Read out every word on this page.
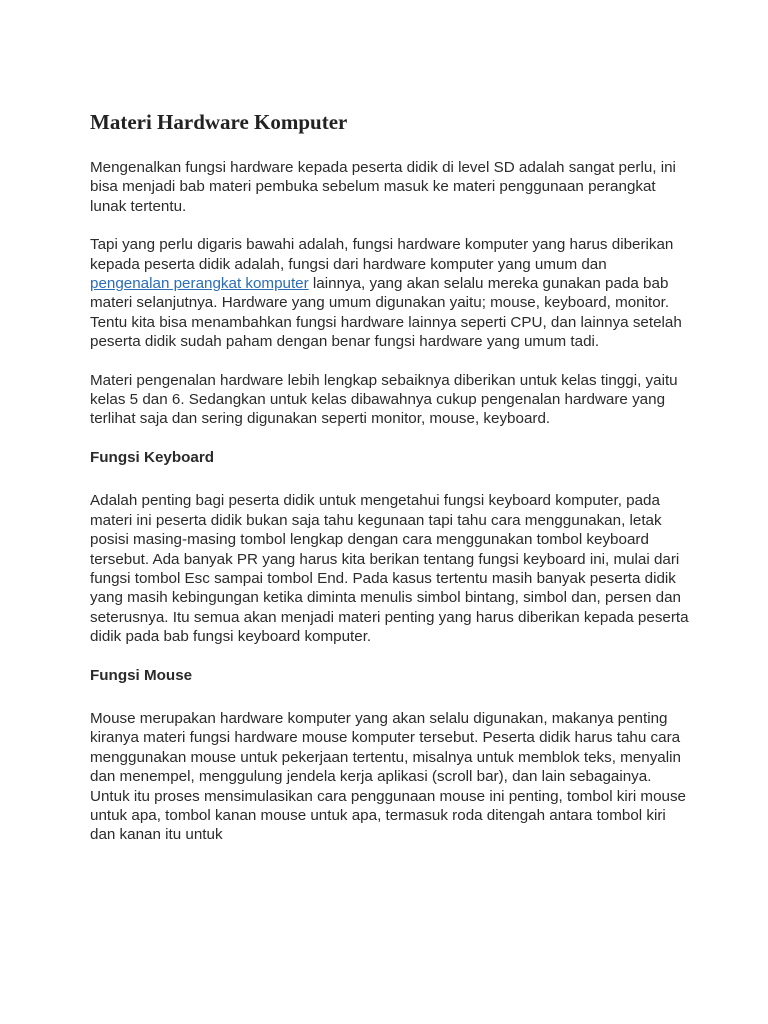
Materi Hardware Komputer

Mengenalkan fungsi hardware kepada peserta didik di level SD adalah sangat perlu, ini bisa menjadi bab materi pembuka sebelum masuk ke materi penggunaan perangkat lunak tertentu.

Tapi yang perlu digaris bawahi adalah, fungsi hardware komputer yang harus diberikan kepada peserta didik adalah, fungsi dari hardware komputer yang umum dan pengenalan perangkat komputer lainnya, yang akan selalu mereka gunakan pada bab materi selanjutnya. Hardware yang umum digunakan yaitu; mouse, keyboard, monitor. Tentu kita bisa menambahkan fungsi hardware lainnya seperti CPU, dan lainnya setelah peserta didik sudah paham dengan benar fungsi hardware yang umum tadi.

Materi pengenalan hardware lebih lengkap sebaiknya diberikan untuk kelas tinggi, yaitu kelas 5 dan 6. Sedangkan untuk kelas dibawahnya cukup pengenalan hardware yang terlihat saja dan sering digunakan seperti monitor, mouse, keyboard.

Fungsi Keyboard

Adalah penting bagi peserta didik untuk mengetahui fungsi keyboard komputer, pada materi ini peserta didik bukan saja tahu kegunaan tapi tahu cara menggunakan, letak posisi masing-masing tombol lengkap dengan cara menggunakan tombol keyboard tersebut. Ada banyak PR yang harus kita berikan tentang fungsi keyboard ini, mulai dari fungsi tombol Esc sampai tombol End. Pada kasus tertentu masih banyak peserta didik yang masih kebingungan ketika diminta menulis simbol bintang, simbol dan, persen dan seterusnya. Itu semua akan menjadi materi penting yang harus diberikan kepada peserta didik pada bab fungsi keyboard komputer.

Fungsi Mouse

Mouse merupakan hardware komputer yang akan selalu digunakan, makanya penting kiranya materi fungsi hardware mouse komputer tersebut. Peserta didik harus tahu cara menggunakan mouse untuk pekerjaan tertentu, misalnya untuk memblok teks, menyalin dan menempel, menggulung jendela kerja aplikasi (scroll bar), dan lain sebagainya. Untuk itu proses mensimulasikan cara penggunaan mouse ini penting, tombol kiri mouse untuk apa, tombol kanan mouse untuk apa, termasuk roda ditengah antara tombol kiri dan kanan itu untuk
